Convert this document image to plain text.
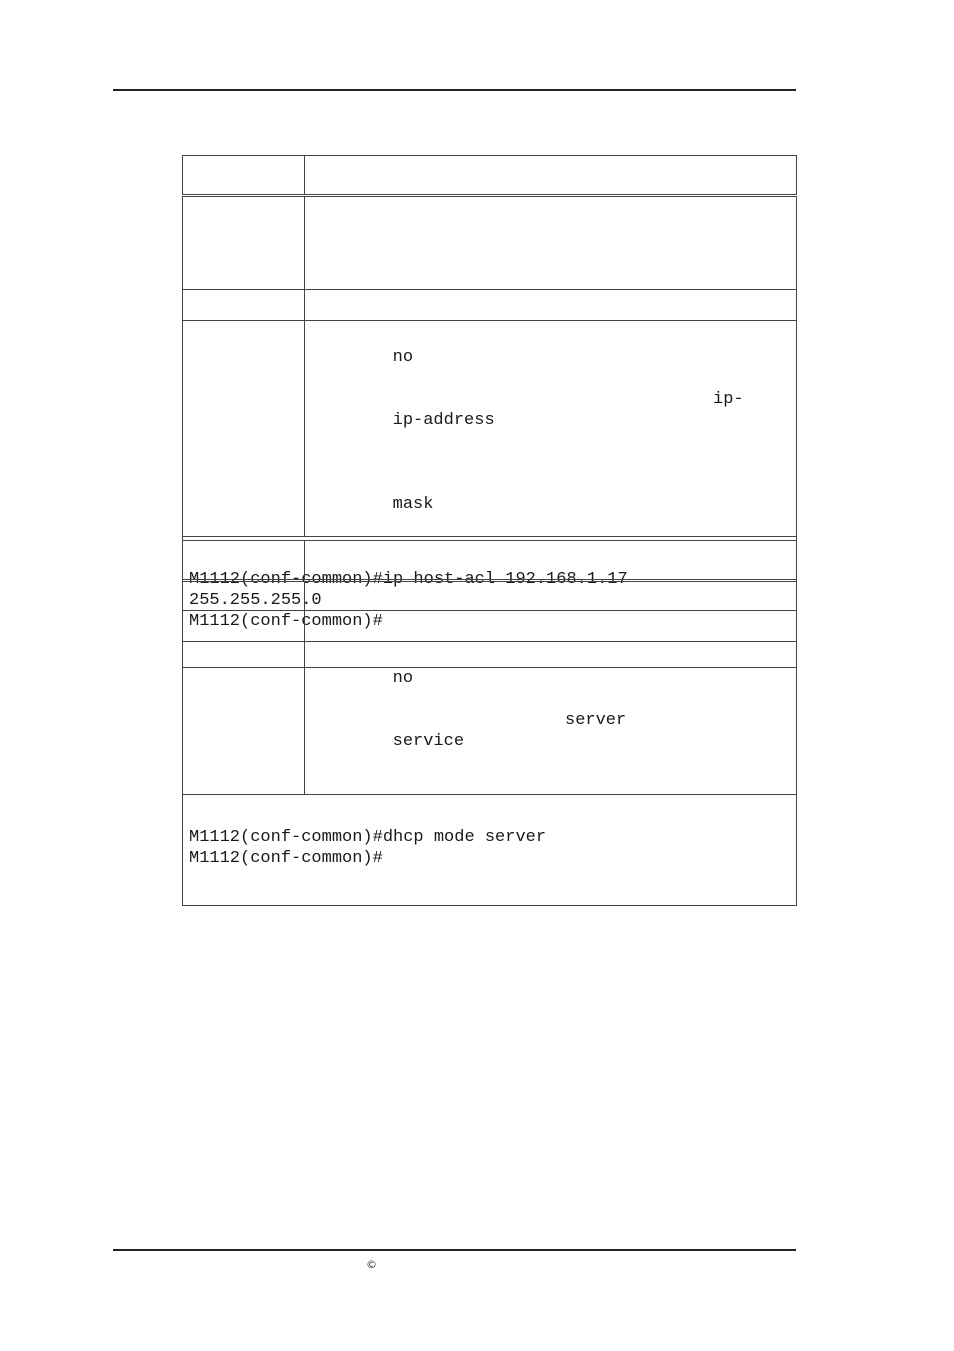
no

ip-address

ip-

mask

M1112(conf-common)#ip host-acl 192.168.1.17
255.255.255.0
M1112(conf-common)#	

no

service

server

M1112(conf-common)#dhcp mode server
M1112(conf-common)#	
©
